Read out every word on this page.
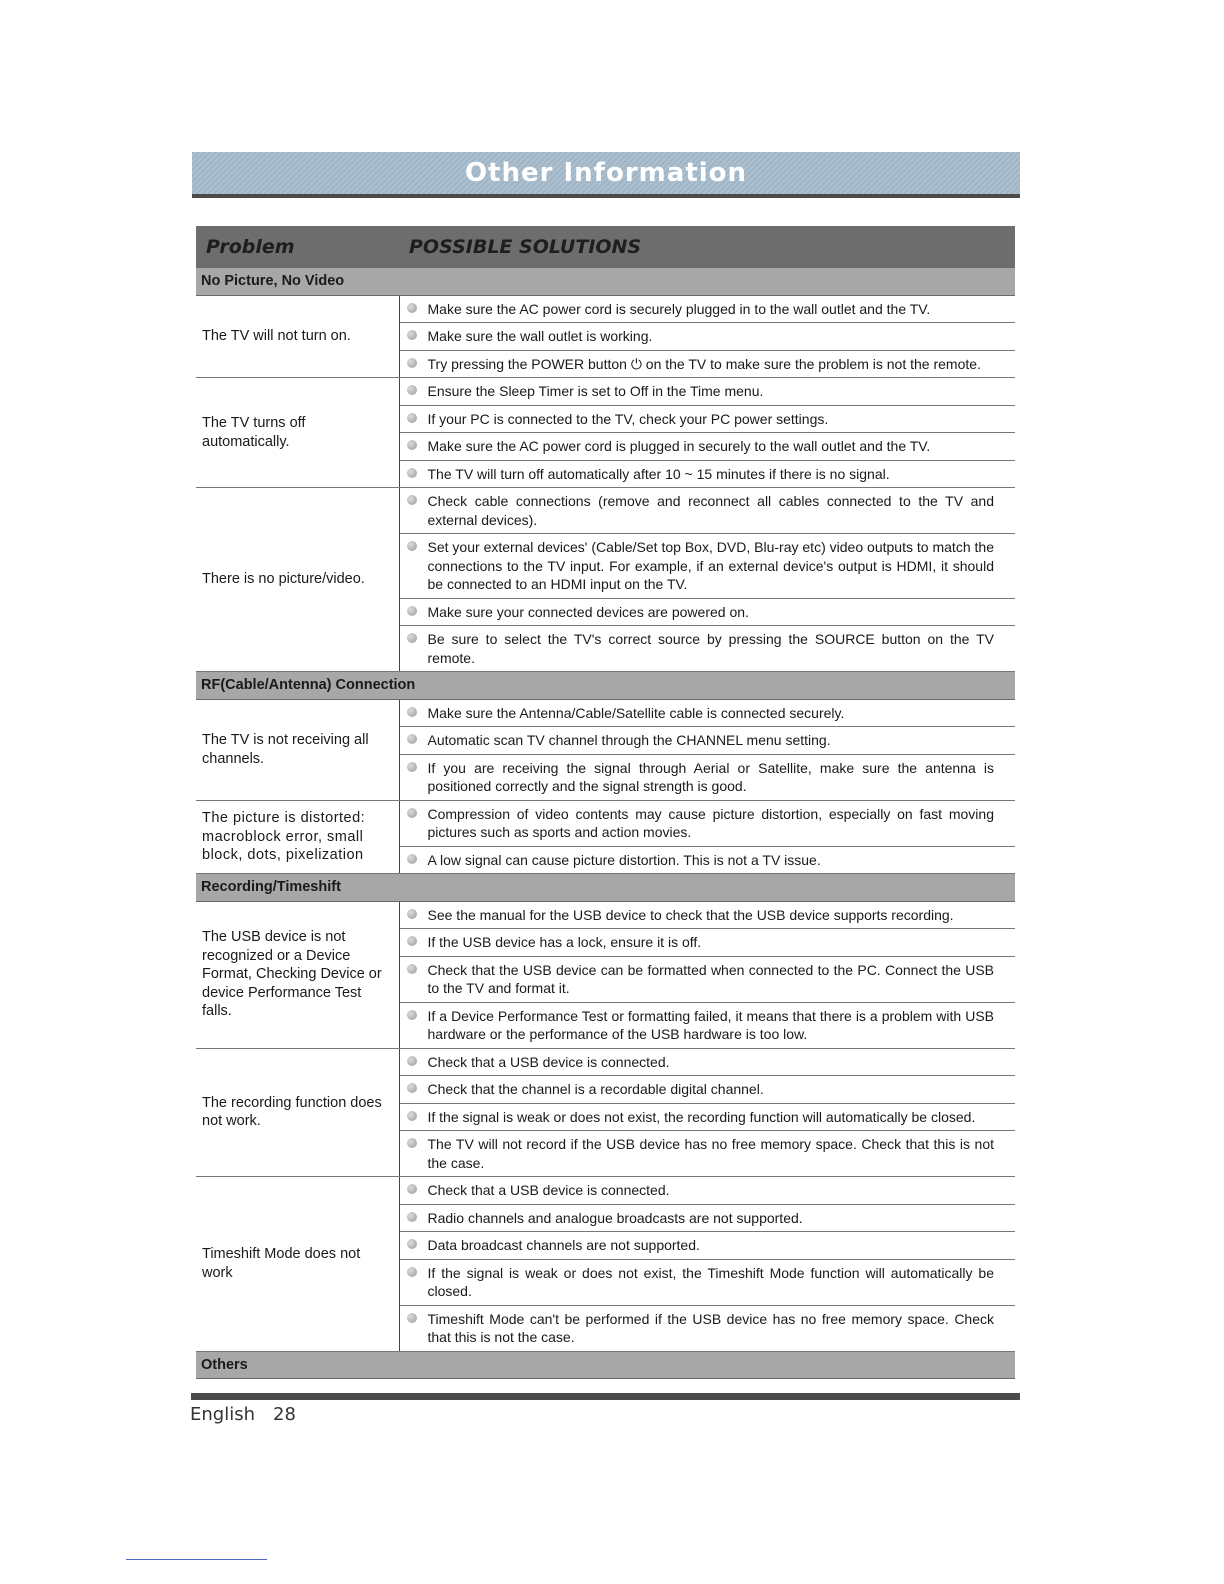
Other Information
Problem	POSSIBLE SOLUTIONS
No Picture, No Video	
The TV will not turn on.	Make sure the AC power cord is securely plugged in to the wall outlet and the TV.

Make sure the wall outlet is working.

Try pressing the POWER button ⏻ on the TV to make sure the problem is not the remote.
The TV turns off automatically.	Ensure the Sleep Timer is set to Off in the Time menu.

If your PC is connected to the TV, check your PC power settings.

Make sure the AC power cord is plugged in securely to the wall outlet and the TV.

The TV will turn off automatically after 10 ~ 15 minutes if there is no signal.
There is no picture/video.	Check cable connections (remove and reconnect all cables connected to the TV and external devices).

Set your external devices' (Cable/Set top Box, DVD, Blu-ray etc) video outputs to match the connections to the TV input. For example, if an external device's output is HDMI, it should be connected to an HDMI input on the TV.

Make sure your connected devices are powered on.

Be sure to select the TV's correct source by pressing the SOURCE button on the TV remote.
RF(Cable/Antenna) Connection	
The TV is not receiving all channels.	Make sure the Antenna/Cable/Satellite cable is connected securely.

Automatic scan TV channel through the CHANNEL menu setting.

If you are receiving the signal through Aerial or Satellite, make sure the antenna is positioned correctly and the signal strength is good.
The picture is distorted: macroblock error, small block, dots, pixelization	Compression of video contents may cause picture distortion, especially on fast moving pictures such as sports and action movies.

A low signal can cause picture distortion. This is not a TV issue.
Recording/Timeshift	
The USB device is not recognized or a Device Format, Checking Device or device Performance Test falls.	See the manual for the USB device to check that the USB device supports recording.

If the USB device has a lock, ensure it is off.

Check that the USB device can be formatted when connected to the PC. Connect the USB to the TV and format it.

If a Device Performance Test or formatting failed, it means that there is a problem with USB hardware or the performance of the USB hardware is too low.
The recording function does not work.	Check that a USB device is connected.

Check that the channel is a recordable digital channel.

If the signal is weak or does not exist, the recording function will automatically be closed.

The TV will not record if the USB device has no free memory space. Check that this is not the case.
Timeshift Mode does not work	Check that a USB device is connected.

Radio channels and analogue broadcasts are not supported.

Data broadcast channels are not supported.

If the signal is weak or does not exist, the Timeshift Mode function will automatically be closed.

Timeshift Mode can't be performed if the USB device has no free memory space. Check that this is not the case.
Others	
English 28
